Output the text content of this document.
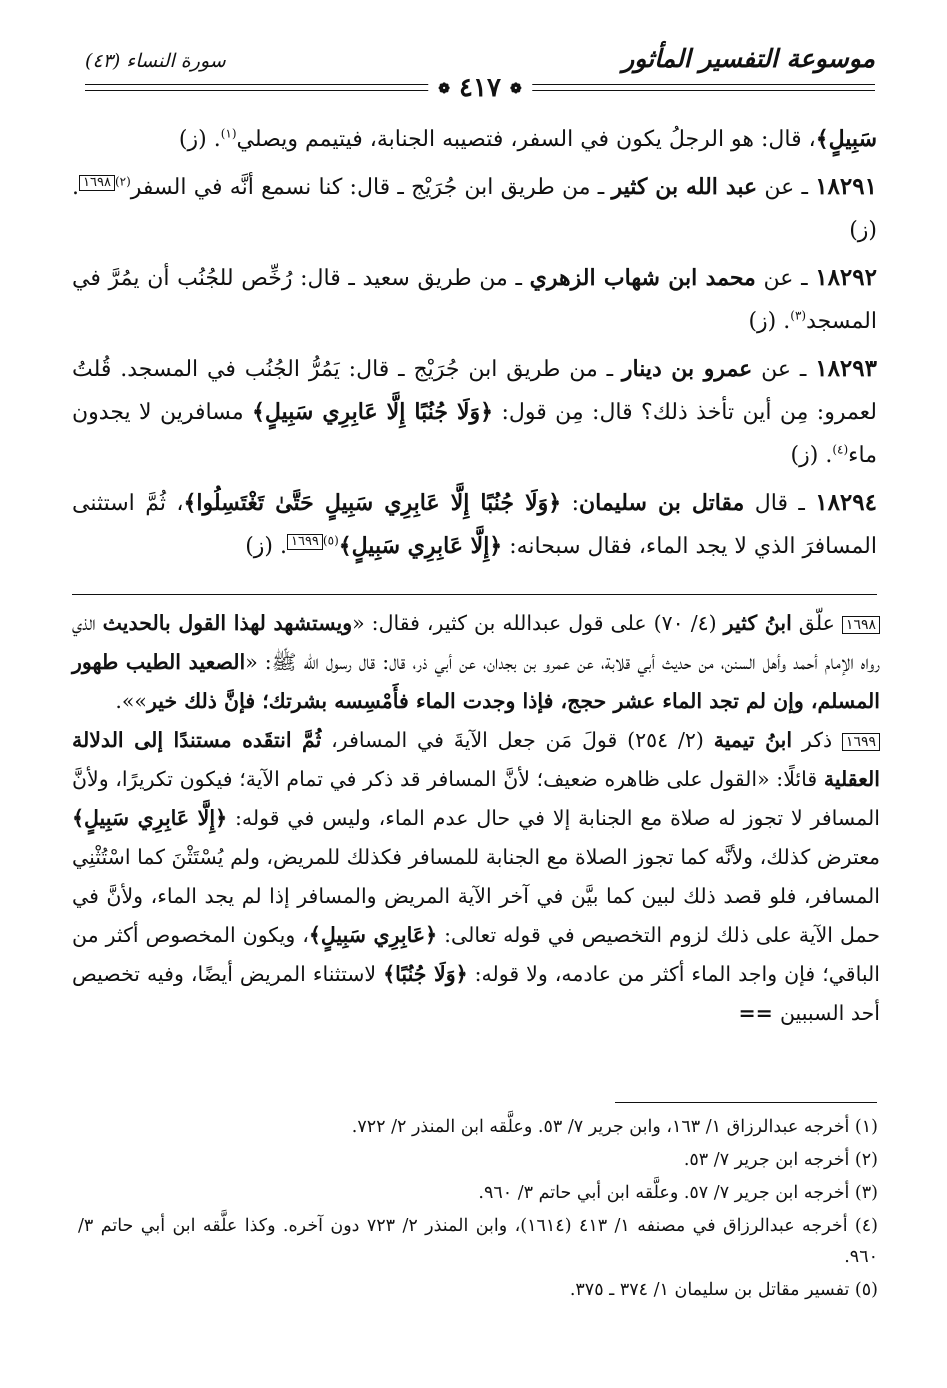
موسوعة التفسير المأثور
سورة النساء (٤٣)
❁ ٤١٧ ❁

سَبِيلٍ﴾، قال: هو الرجلُ يكون في السفر، فتصيبه الجنابة، فيتيمم ويصلي$^{(١)}$. (ز)

١٨٢٩١ ـ عن عبد الله بن كثير ـ من طريق ابن جُرَيْج ـ قال: كنا نسمع أنَّه في السفر$^{(٢)}$١٦٩٨. (ز)

١٨٢٩٢ ـ عن محمد ابن شهاب الزهري ـ من طريق سعيد ـ قال: رُخِّص للجُنُب أن يمُرَّ في المسجد$^{(٣)}$. (ز)

١٨٢٩٣ ـ عن عمرو بن دينار ـ من طريق ابن جُرَيْج ـ قال: يَمُرُّ الجُنُب في المسجد. قُلتُ لعمرو: مِن أين تأخذ ذلك؟ قال: مِن قول: ﴿وَلَا جُنُبًا إِلَّا عَابِرِي سَبِيلٍ﴾ مسافرين لا يجدون ماء$^{(٤)}$. (ز)

١٨٢٩٤ ـ قال مقاتل بن سليمان: ﴿وَلَا جُنُبًا إِلَّا عَابِرِي سَبِيلٍ حَتَّىٰ تَغْتَسِلُوا﴾، ثُمَّ استثنى المسافرَ الذي لا يجد الماء، فقال سبحانه: ﴿إِلَّا عَابِرِي سَبِيلٍ﴾$^{(٥)}$١٦٩٩. (ز)

١٦٩٨ علّق ابنُ كثير (٤/ ٧٠) على قول عبدالله بن كثير، فقال: «ويستشهد لهذا القول بالحديث الذي رواه الإمام أحمد وأهل السنن، من حديث أبي قلابة، عن عمرو بن بجدان، عن أبي ذر، قال: قال رسول الله ﷺ: «الصعيد الطيب طهور المسلم، وإن لم تجد الماء عشر حجج، فإذا وجدت الماء فأَمْسِسه بشرتك؛ فإنَّ ذلك خير»».

١٦٩٩ ذكر ابنُ تيمية (٢/ ٢٥٤) قولَ مَن جعل الآيةَ في المسافر، ثُمَّ انتقَده مستندًا إلى الدلالة العقلية قائلًا: «القول على ظاهره ضعيف؛ لأنَّ المسافر قد ذكر في تمام الآية؛ فيكون تكريرًا، ولأنَّ المسافر لا تجوز له صلاة مع الجنابة إلا في حال عدم الماء، وليس في قوله: ﴿إِلَّا عَابِرِي سَبِيلٍ﴾ معترض كذلك، ولأنَّه كما تجوز الصلاة مع الجنابة للمسافر فكذلك للمريض، ولم يُسْتَثْنَ كما اسْتُثْنِي المسافر، فلو قصد ذلك لبين كما بيَّن في آخر الآية المريض والمسافر إذا لم يجد الماء، ولأنَّ في حمل الآية على ذلك لزوم التخصيص في قوله تعالى: ﴿عَابِرِي سَبِيلٍ﴾، ويكون المخصوص أكثر من الباقي؛ فإن واجد الماء أكثر من عادمه، ولا قوله: ﴿وَلَا جُنُبًا﴾ لاستثناء المريض أيضًا، وفيه تخصيص أحد السببين ==

(١) أخرجه عبدالرزاق ١/ ١٦٣، وابن جرير ٧/ ٥٣. وعلَّقه ابن المنذر ٢/ ٧٢٢.

(٢) أخرجه ابن جرير ٧/ ٥٣.

(٣) أخرجه ابن جرير ٧/ ٥٧. وعلَّقه ابن أبي حاتم ٣/ ٩٦٠.

(٤) أخرجه عبدالرزاق في مصنفه ١/ ٤١٣ (١٦١٤)، وابن المنذر ٢/ ٧٢٣ دون آخره. وكذا علَّقه ابن أبي حاتم ٣/ ٩٦٠.

(٥) تفسير مقاتل بن سليمان ١/ ٣٧٤ ـ ٣٧٥.
